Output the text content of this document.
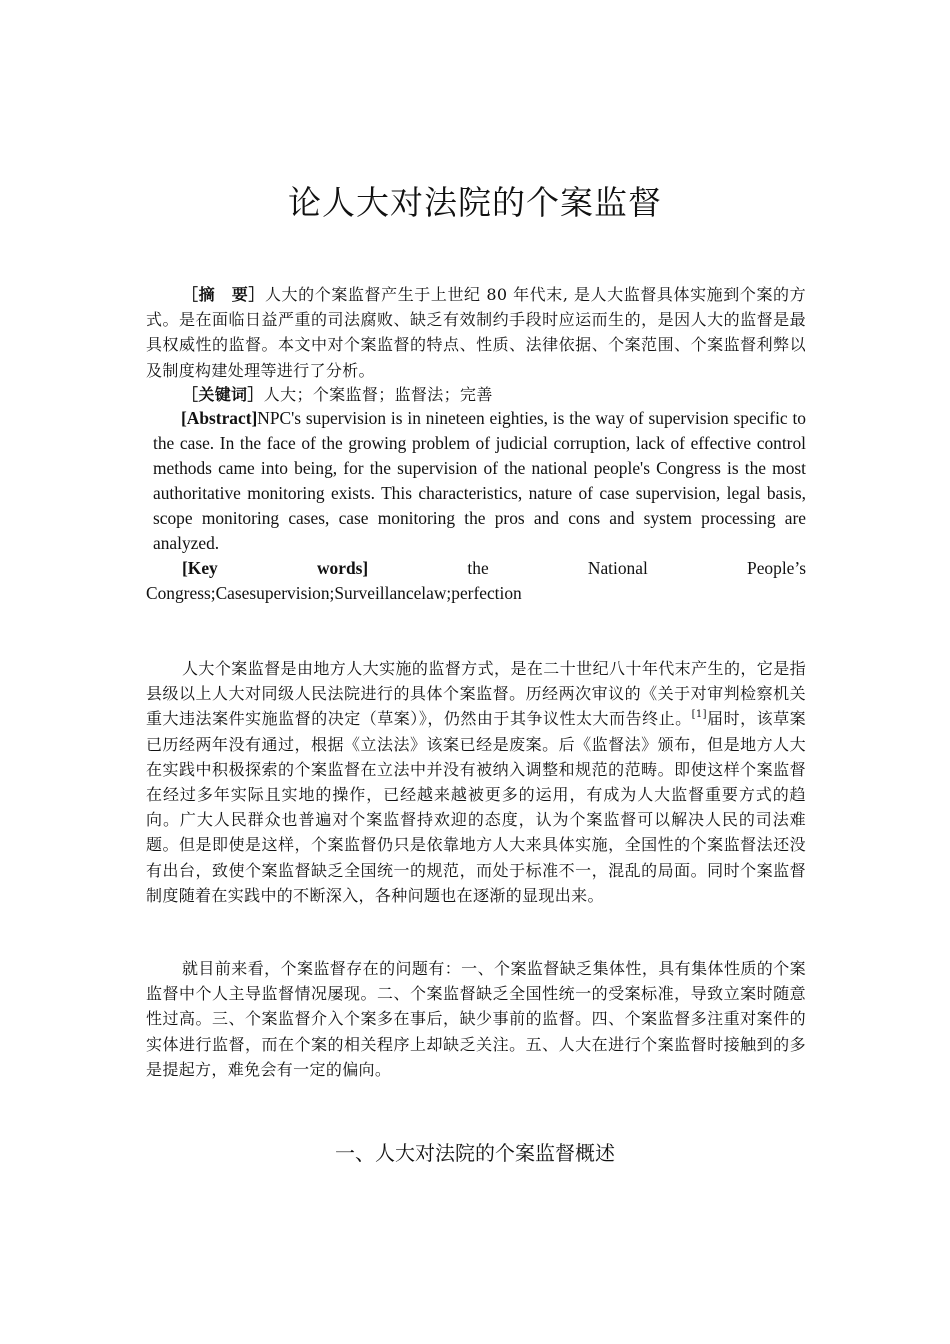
论人大对法院的个案监督

［摘　要］人大的个案监督产生于上世纪 80 年代末, 是人大监督具体实施到个案的方式。是在面临日益严重的司法腐败、缺乏有效制约手段时应运而生的，是因人大的监督是最具权威性的监督。本文中对个案监督的特点、性质、法律依据、个案范围、个案监督利弊以及制度构建处理等进行了分析。

［关键词］人大；个案监督；监督法；完善

[Abstract]NPC's supervision is in nineteen eighties, is the way of supervision specific to the case. In the face of the growing problem of judicial corruption, lack of effective control methods came into being, for the supervision of the national people's Congress is the most authoritative monitoring exists. This characteristics, nature of case supervision, legal basis, scope monitoring cases, case monitoring the pros and cons and system processing are analyzed.

[Key	words]	the	National	People’s
Congress;Casesupervision;Surveillancelaw;perfection

人大个案监督是由地方人大实施的监督方式，是在二十世纪八十年代末产生的，它是指县级以上人大对同级人民法院进行的具体个案监督。历经两次审议的《关于对审判检察机关重大违法案件实施监督的决定（草案）》，仍然由于其争议性太大而告终止。[1]届时，该草案已历经两年没有通过，根据《立法法》该案已经是废案。后《监督法》颁布，但是地方人大在实践中积极探索的个案监督在立法中并没有被纳入调整和规范的范畴。即使这样个案监督在经过多年实际且实地的操作，已经越来越被更多的运用，有成为人大监督重要方式的趋向。广大人民群众也普遍对个案监督持欢迎的态度，认为个案监督可以解决人民的司法难题。但是即使是这样，个案监督仍只是依靠地方人大来具体实施，全国性的个案监督法还没有出台，致使个案监督缺乏全国统一的规范，而处于标准不一，混乱的局面。同时个案监督制度随着在实践中的不断深入，各种问题也在逐渐的显现出来。

就目前来看，个案监督存在的问题有：一、个案监督缺乏集体性，具有集体性质的个案监督中个人主导监督情况屡现。二、个案监督缺乏全国性统一的受案标准，导致立案时随意性过高。三、个案监督介入个案多在事后，缺少事前的监督。四、个案监督多注重对案件的实体进行监督，而在个案的相关程序上却缺乏关注。五、人大在进行个案监督时接触到的多是提起方，难免会有一定的偏向。

一、人大对法院的个案监督概述
